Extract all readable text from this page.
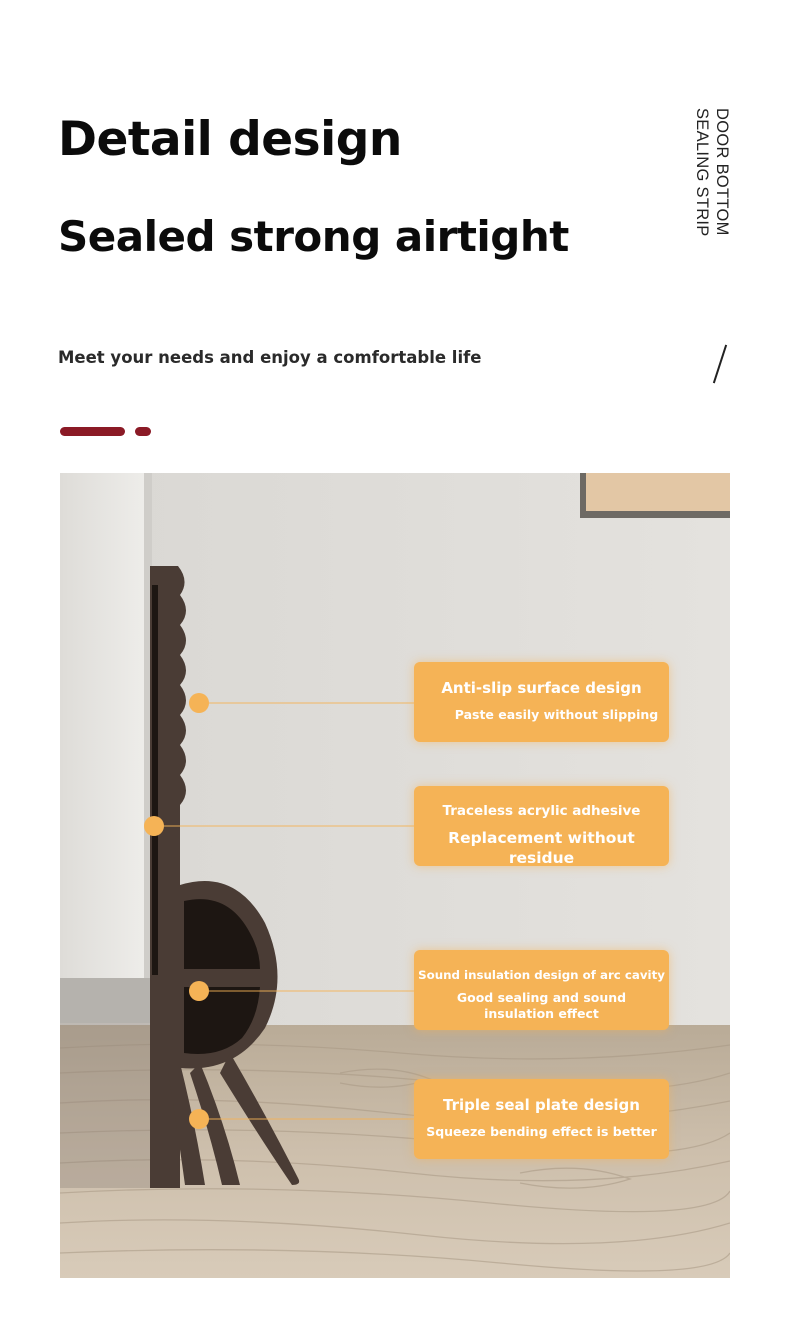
Detail design
Sealed strong airtight
DOOR BOTTOM
SEALING STRIP

Meet your needs and enjoy a comfortable life

Anti-slip surface design
Paste easily without slipping
Traceless acrylic adhesive
Replacement without residue
Sound insulation design of arc cavity
Good sealing and sound
insulation effect
Triple seal plate design
Squeeze bending effect is better
